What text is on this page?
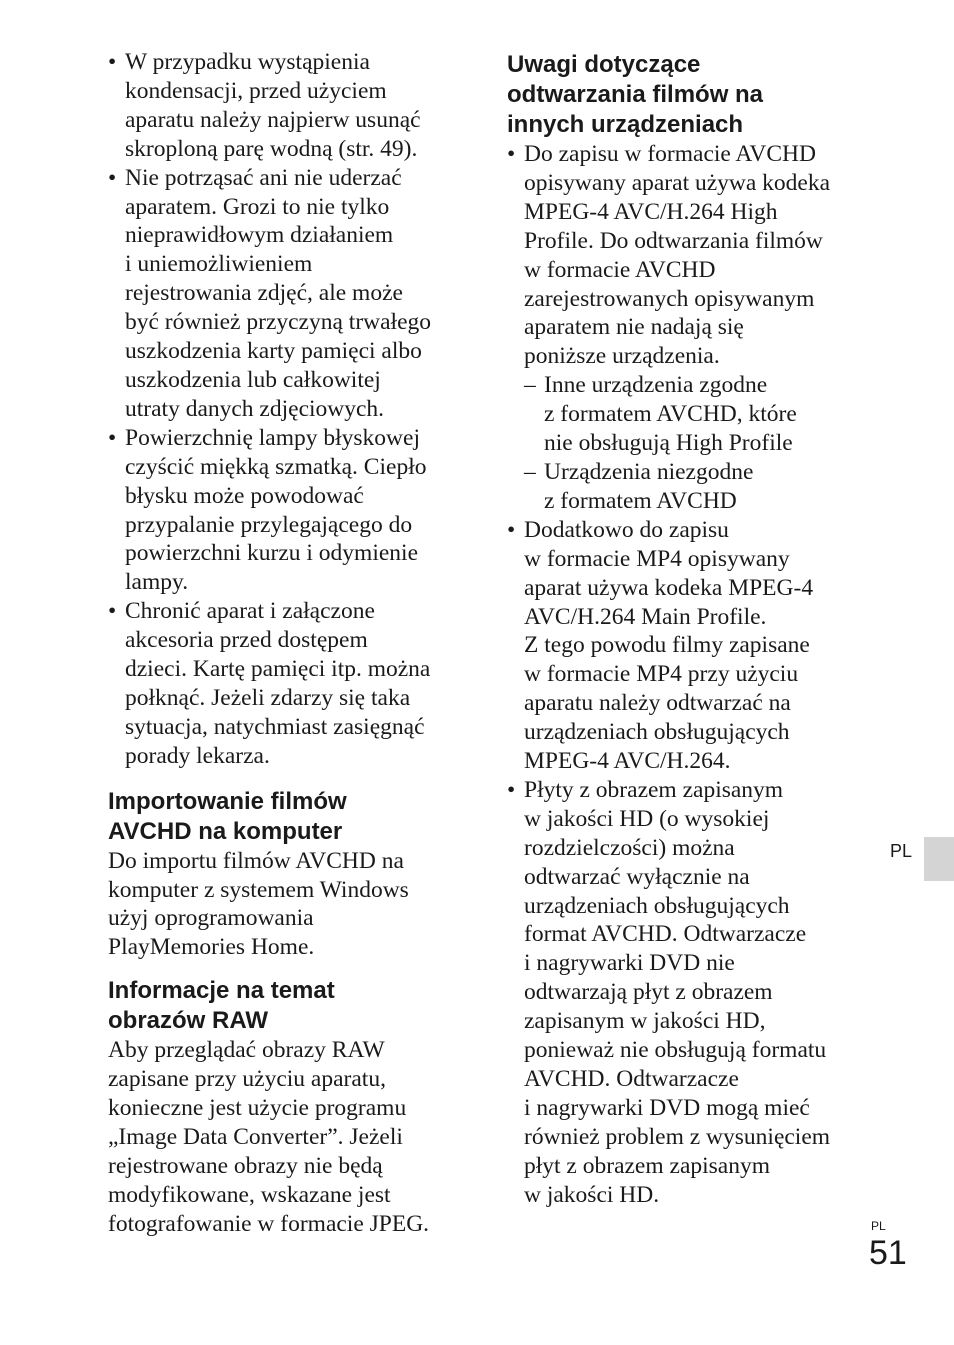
• W przypadku wystąpienia
kondensacji, przed użyciem
aparatu należy najpierw usunąć
skroploną parę wodną (str. 49).
• Nie potrząsać ani nie uderzać
aparatem. Grozi to nie tylko
nieprawidłowym działaniem
i uniemożliwieniem
rejestrowania zdjęć, ale może
być również przyczyną trwałego
uszkodzenia karty pamięci albo
uszkodzenia lub całkowitej
utraty danych zdjęciowych.
• Powierzchnię lampy błyskowej
czyścić miękką szmatką. Ciepło
błysku może powodować
przypalanie przylegającego do
powierzchni kurzu i odymienie
lampy.
• Chronić aparat i załączone
akcesoria przed dostępem
dzieci. Kartę pamięci itp. można
połknąć. Jeżeli zdarzy się taka
sytuacja, natychmiast zasięgnąć
porady lekarza.
Importowanie filmów
AVCHD na komputer
Do importu filmów AVCHD na
komputer z systemem Windows
użyj oprogramowania
PlayMemories Home.
Informacje na temat
obrazów RAW
Aby przeglądać obrazy RAW
zapisane przy użyciu aparatu,
konieczne jest użycie programu
„Image Data Converter”. Jeżeli
rejestrowane obrazy nie będą
modyfikowane, wskazane jest
fotografowanie w formacie JPEG.
Uwagi dotyczące
odtwarzania filmów na
innych urządzeniach
• Do zapisu w formacie AVCHD
opisywany aparat używa kodeka
MPEG-4 AVC/H.264 High
Profile. Do odtwarzania filmów
w formacie AVCHD
zarejestrowanych opisywanym
aparatem nie nadają się
poniższe urządzenia.
– Inne urządzenia zgodne
z formatem AVCHD, które
nie obsługują High Profile
– Urządzenia niezgodne
z formatem AVCHD
• Dodatkowo do zapisu
w formacie MP4 opisywany
aparat używa kodeka MPEG-4
AVC/H.264 Main Profile.
Z tego powodu filmy zapisane
w formacie MP4 przy użyciu
aparatu należy odtwarzać na
urządzeniach obsługujących
MPEG-4 AVC/H.264.
• Płyty z obrazem zapisanym
w jakości HD (o wysokiej
rozdzielczości) można
odtwarzać wyłącznie na
urządzeniach obsługujących
format AVCHD. Odtwarzacze
i nagrywarki DVD nie
odtwarzają płyt z obrazem
zapisanym w jakości HD,
ponieważ nie obsługują formatu
AVCHD. Odtwarzacze
i nagrywarki DVD mogą mieć
również problem z wysunięciem
płyt z obrazem zapisanym
w jakości HD.
PL
PL
51
